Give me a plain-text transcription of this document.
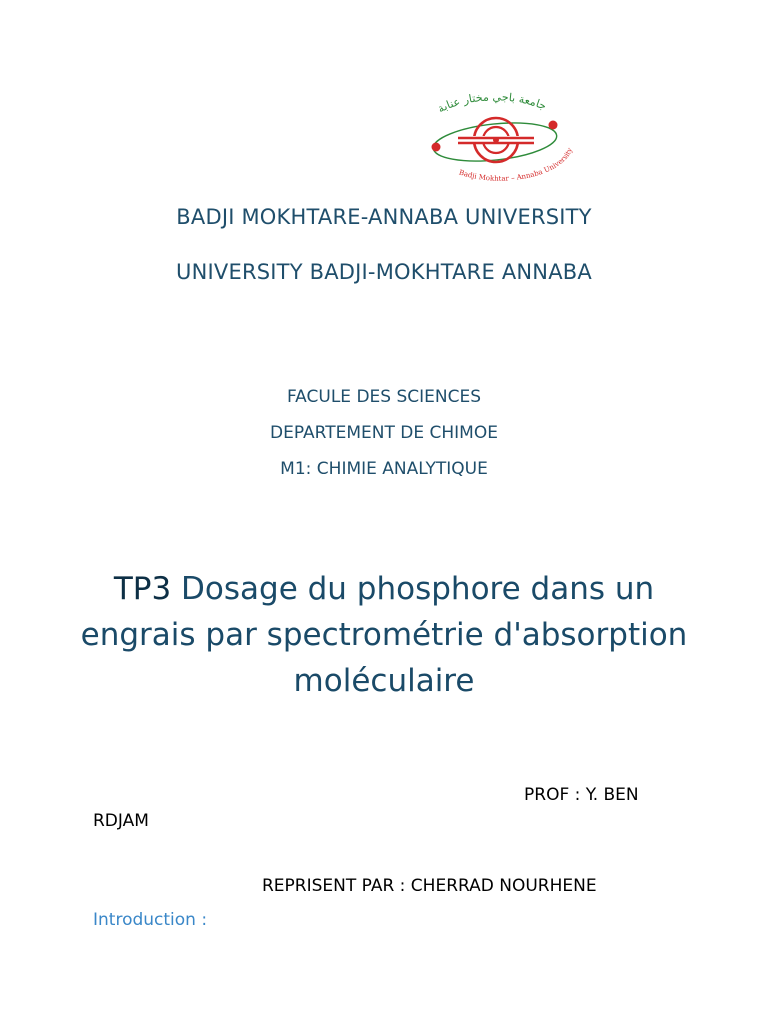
جامعة باجي مختار عنابة
Badji Mokhtar – Annaba University
BADJI MOKHTARE-ANNABA UNIVERSITY
UNIVERSITY BADJI-MOKHTARE ANNABA
FACULE DES SCIENCES
DEPARTEMENT DE CHIMOE
M1: CHIMIE ANALYTIQUE
TP3 Dosage du phosphore dans un engrais par spectrométrie d'absorption moléculaire
PROF : Y. BEN
RDJAM
REPRISENT PAR : CHERRAD NOURHENE
Introduction :
